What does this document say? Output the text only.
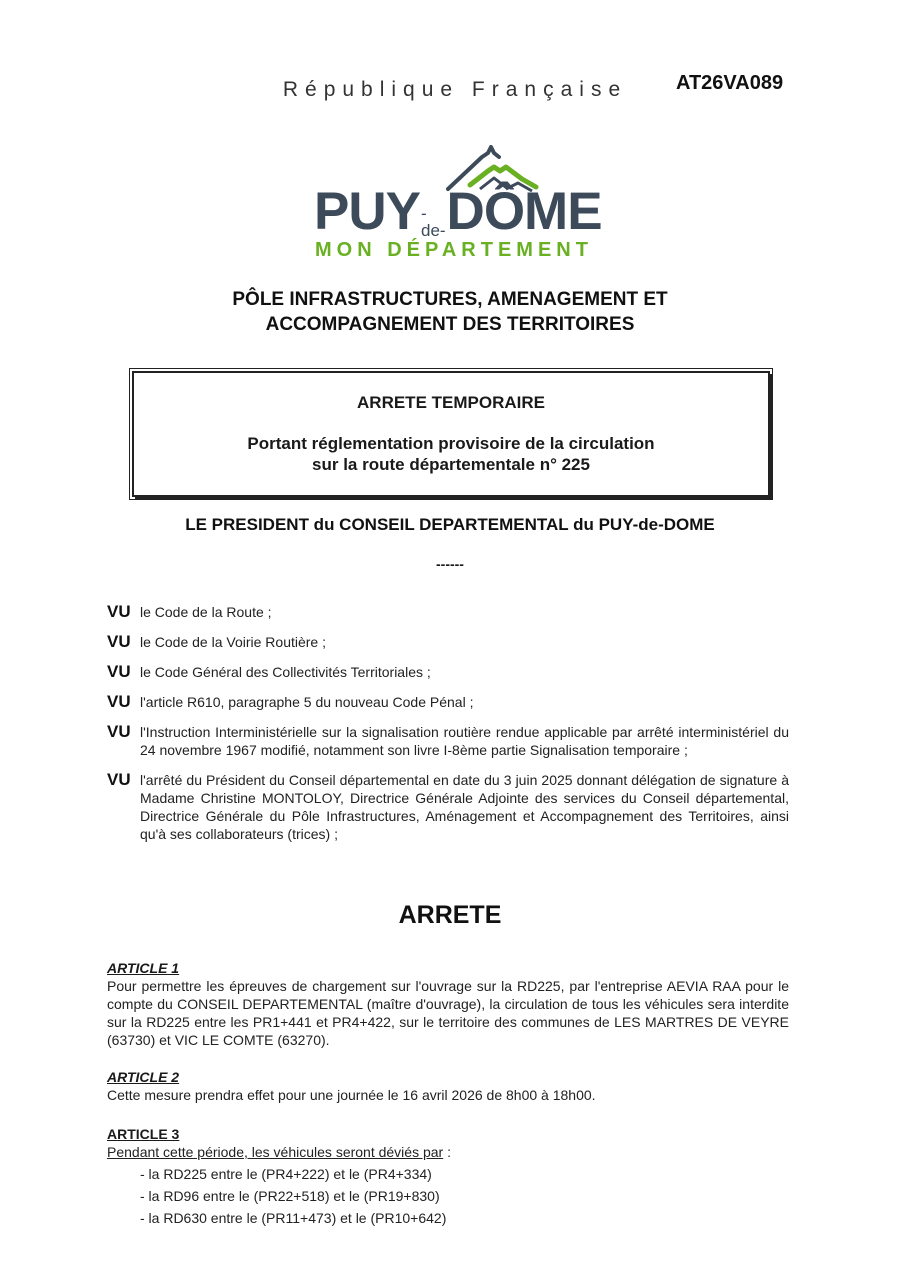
République Française	AT26VA089
PUY -de- DÔME
MON DÉPARTEMENT
PÔLE INFRASTRUCTURES, AMENAGEMENT ET
ACCOMPAGNEMENT DES TERRITOIRES
ARRETE TEMPORAIRE
Portant réglementation provisoire de la circulation
sur la route départementale n° 225
LE PRESIDENT du CONSEIL DEPARTEMENTAL du PUY-de-DOME
------
VU le Code de la Route ;
VU le Code de la Voirie Routière ;
VU le Code Général des Collectivités Territoriales ;
VU l'article R610, paragraphe 5 du nouveau Code Pénal ;
VU l'Instruction Interministérielle sur la signalisation routière rendue applicable par arrêté interministériel du 24 novembre 1967 modifié, notamment son livre I-8ème partie Signalisation temporaire ;
VU l'arrêté du Président du Conseil départemental en date du 3 juin 2025 donnant délégation de signature à Madame Christine MONTOLOY, Directrice Générale Adjointe des services du Conseil départemental, Directrice Générale du Pôle Infrastructures, Aménagement et Accompagnement des Territoires, ainsi qu'à ses collaborateurs (trices) ;
ARRETE
ARTICLE 1
Pour permettre les épreuves de chargement sur l'ouvrage sur la RD225, par l'entreprise AEVIA RAA pour le compte du CONSEIL DEPARTEMENTAL (maître d'ouvrage), la circulation de tous les véhicules sera interdite sur la RD225 entre les PR1+441 et PR4+422, sur le territoire des communes de LES MARTRES DE VEYRE (63730) et VIC LE COMTE (63270).
ARTICLE 2
Cette mesure prendra effet pour une journée le 16 avril 2026 de 8h00 à 18h00.
ARTICLE 3
Pendant cette période, les véhicules seront déviés par :
- la RD225 entre le (PR4+222) et le (PR4+334)
- la RD96 entre le (PR22+518) et le (PR19+830)
- la RD630 entre le (PR11+473) et le (PR10+642)
